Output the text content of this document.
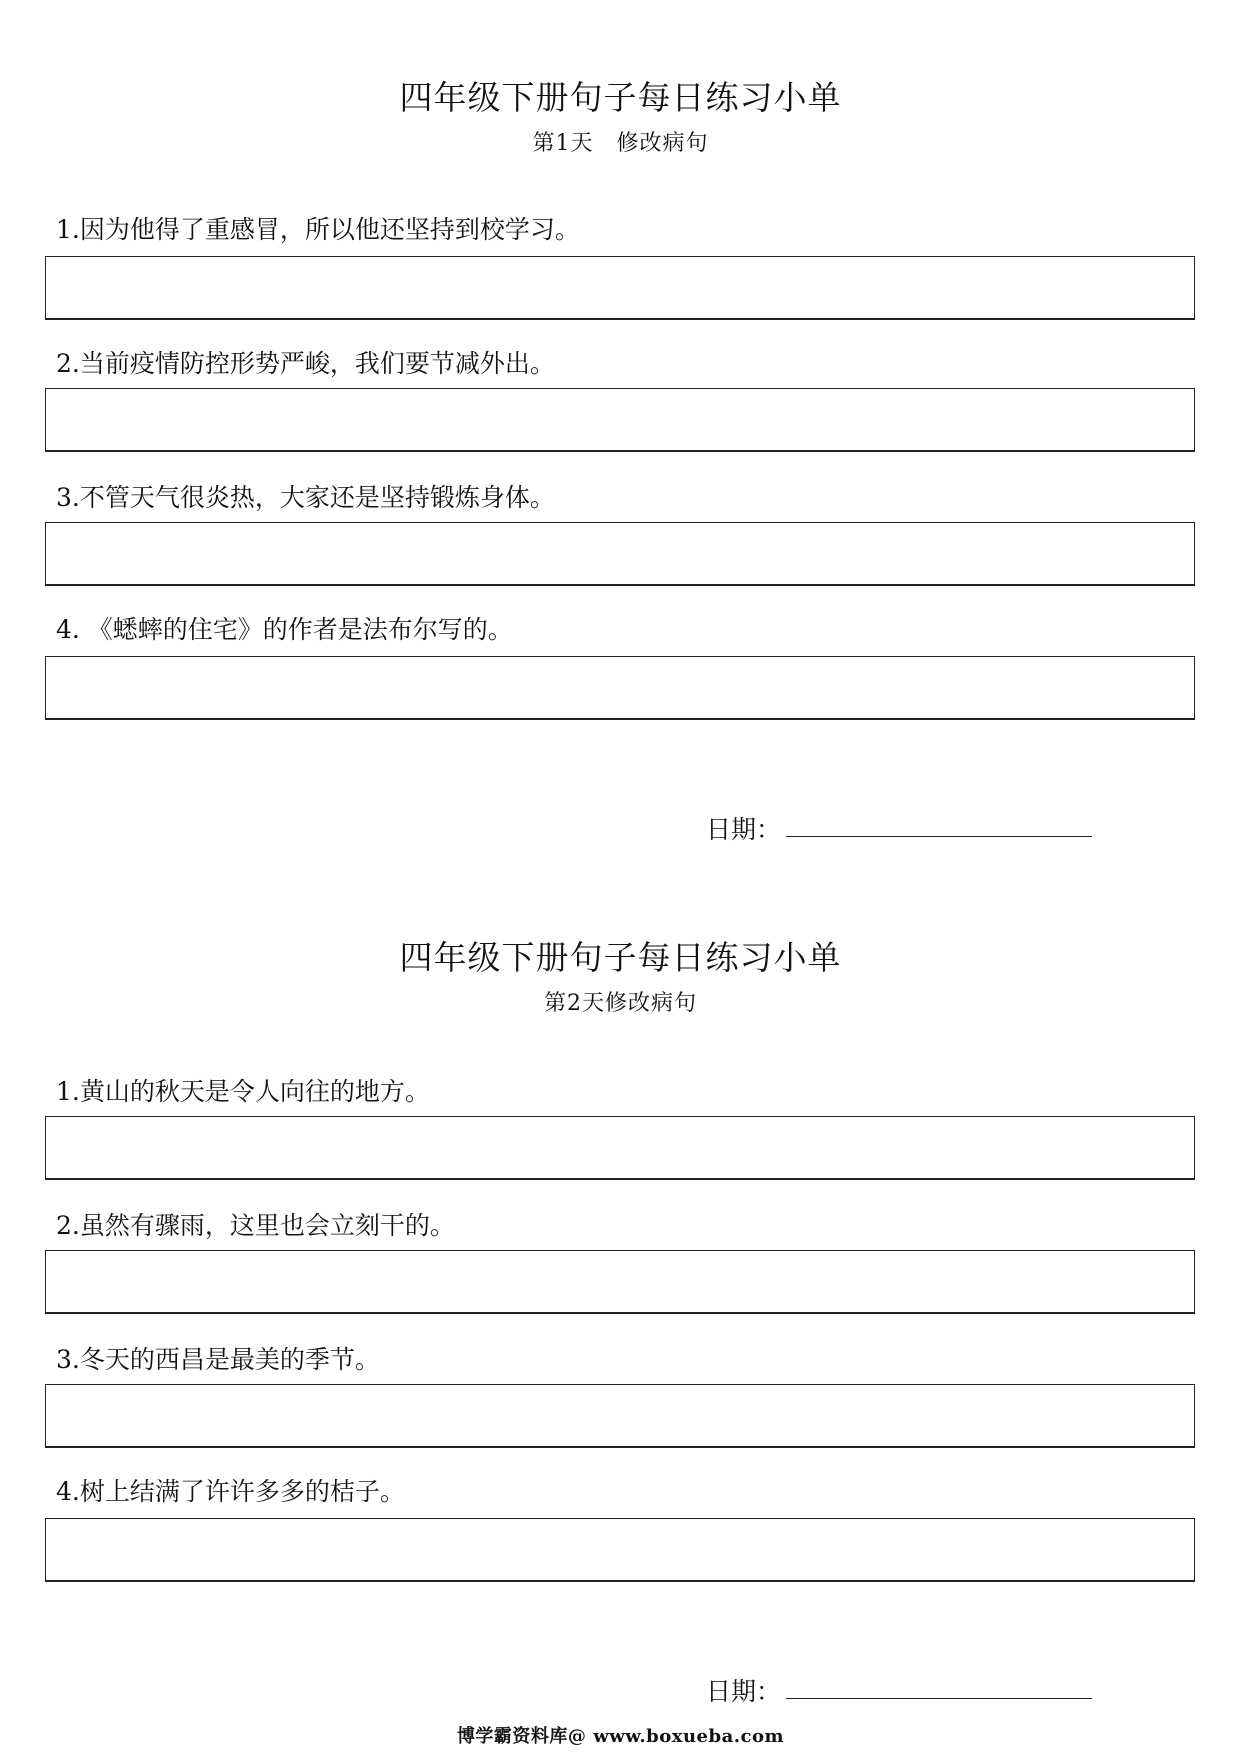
四年级下册句子每日练习小单
第1天　修改病句

1.因为他得了重感冒，所以他还坚持到校学习。

2.当前疫情防控形势严峻，我们要节减外出。

3.不管天气很炎热，大家还是坚持锻炼身体。

4. 《蟋蟀的住宅》的作者是法布尔写的。

日期：
四年级下册句子每日练习小单
第2天修改病句

1.黄山的秋天是令人向往的地方。

2.虽然有骤雨，这里也会立刻干的。

3.冬天的西昌是最美的季节。

4.树上结满了许许多多的桔子。

日期：
博学霸资料库@ www.boxueba.com
